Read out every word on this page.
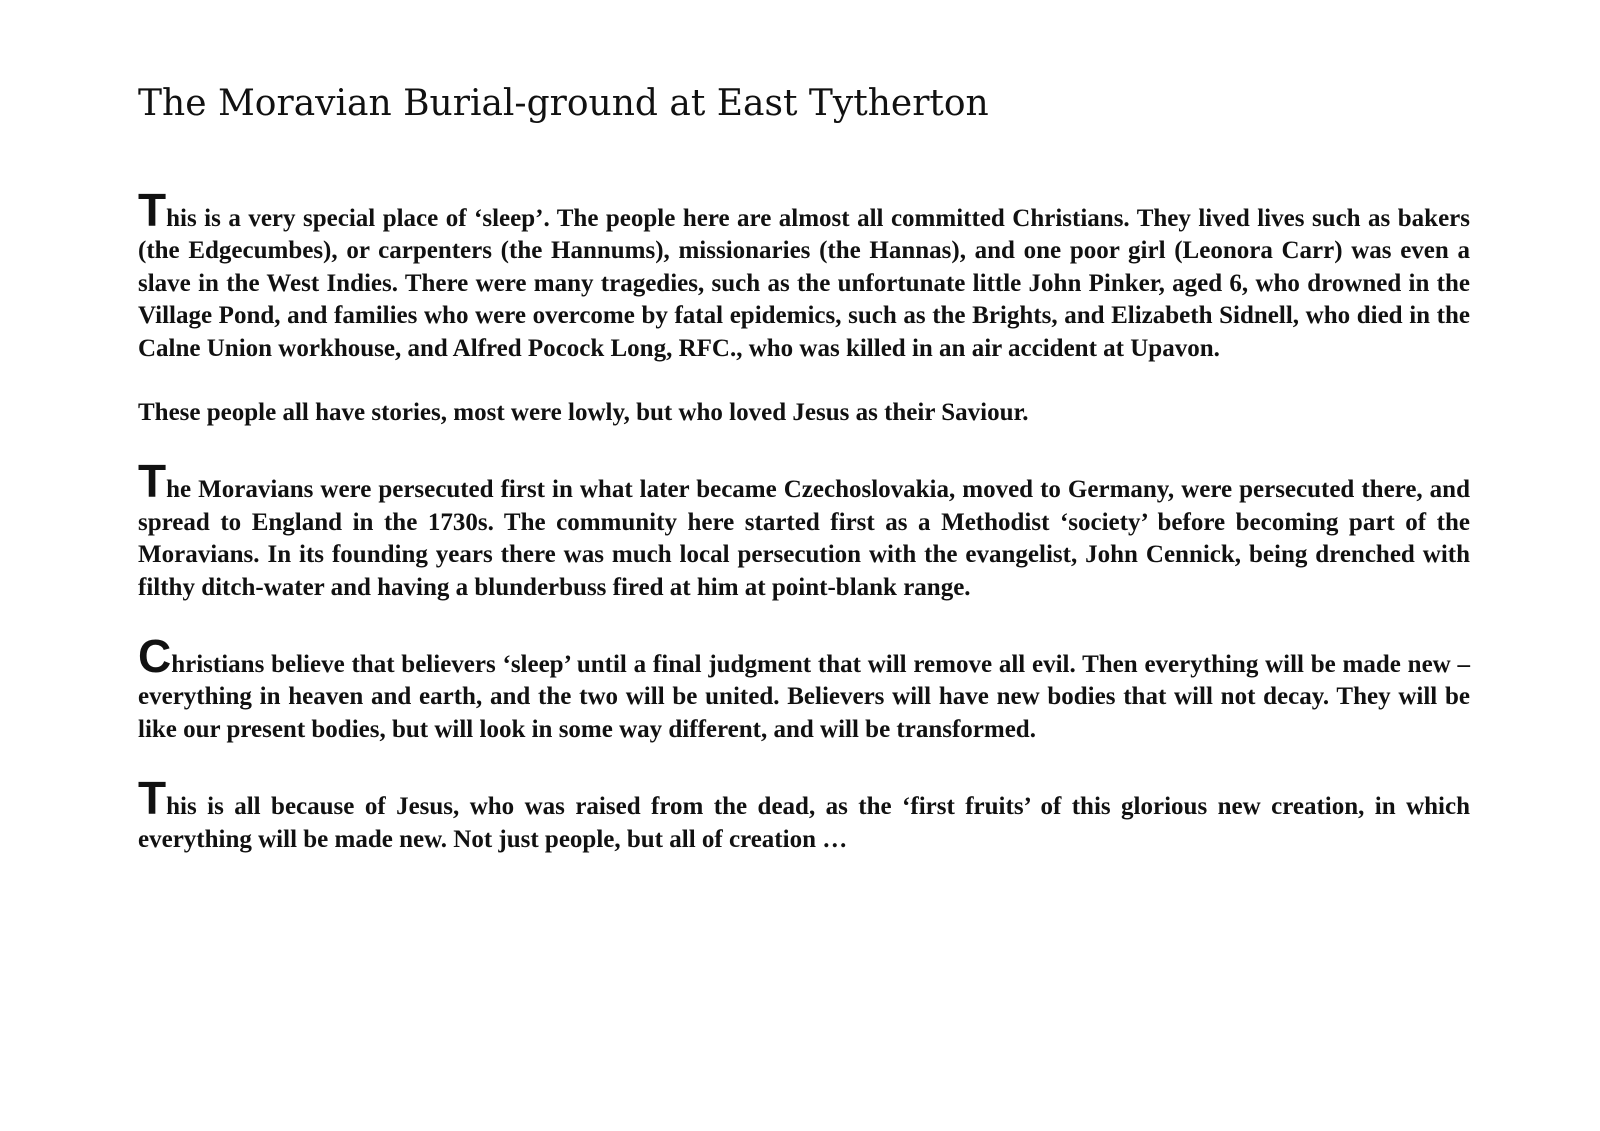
The Moravian Burial-ground at East Tytherton

This is a very special place of ‘sleep’. The people here are almost all committed Christians. They lived lives such as bakers (the Edgecumbes), or carpenters (the Hannums), missionaries (the Hannas), and one poor girl (Leonora Carr) was even a slave in the West Indies. There were many tragedies, such as the unfortunate little John Pinker, aged 6, who drowned in the Village Pond, and families who were overcome by fatal epidemics, such as the Brights, and Elizabeth Sidnell, who died in the Calne Union workhouse, and Alfred Pocock Long, RFC., who was killed in an air accident at Upavon.

These people all have stories, most were lowly, but who loved Jesus as their Saviour.

The Moravians were persecuted first in what later became Czechoslovakia, moved to Germany, were persecuted there, and spread to England in the 1730s. The community here started first as a Methodist ‘society’ before becoming part of the Moravians. In its founding years there was much local persecution with the evangelist, John Cennick, being drenched with filthy ditch-water and having a blunderbuss fired at him at point-blank range.

Christians believe that believers ‘sleep’ until a final judgment that will remove all evil. Then everything will be made new – everything in heaven and earth, and the two will be united. Believers will have new bodies that will not decay. They will be like our present bodies, but will look in some way different, and will be transformed.

This is all because of Jesus, who was raised from the dead, as the ‘first fruits’ of this glorious new creation, in which everything will be made new. Not just people, but all of creation …
